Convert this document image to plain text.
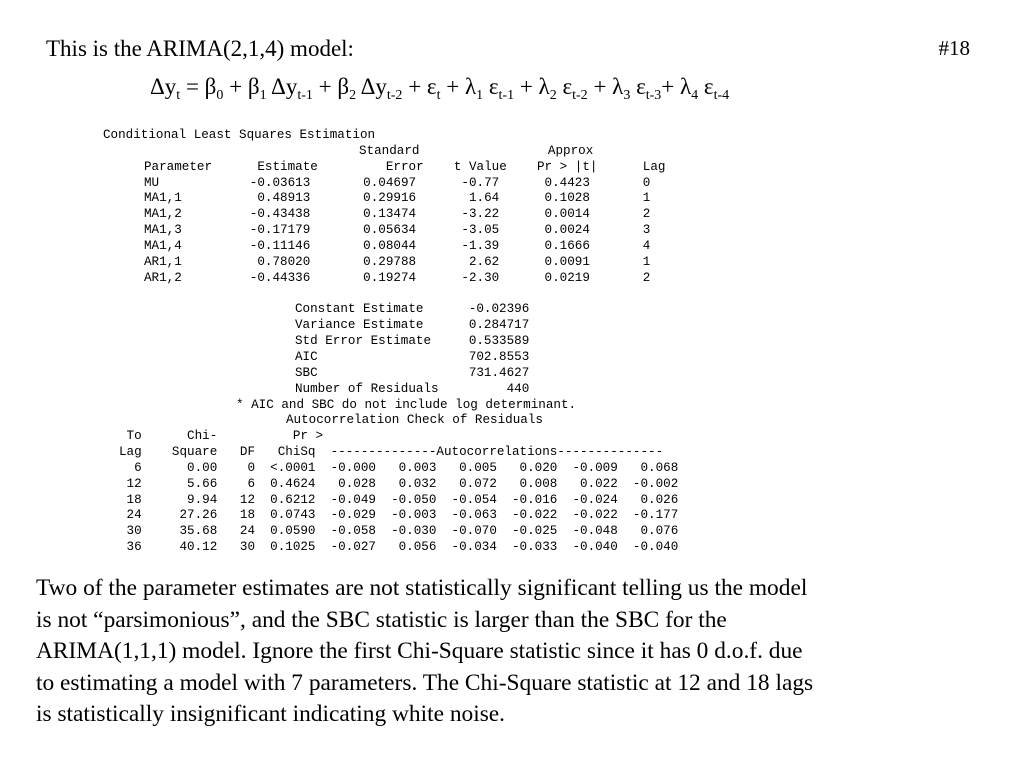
This is the ARIMA(2,1,4) model:	#18
$\Delta y_t = \beta_0 + \beta_1$ $\Delta y_{t-1} + \beta_2$ $\Delta y_{t-2} + \varepsilon_t + \lambda_1$ $\varepsilon_{t-1} + \lambda_2$ $\varepsilon_{t-2} + \lambda_3$ $\varepsilon_{t-3}+ \lambda_4$ $\varepsilon_{t-4}$
Conditional Least Squares Estimation
Standard                 Approx
Parameter      Estimate         Error    t Value    Pr > |t|      Lag
MU            -0.03613       0.04697      -0.77      0.4423       0
MA1,1          0.48913       0.29916       1.64      0.1028       1
MA1,2         -0.43438       0.13474      -3.22      0.0014       2
MA1,3         -0.17179       0.05634      -3.05      0.0024       3
MA1,4         -0.11146       0.08044      -1.39      0.1666       4
AR1,1          0.78020       0.29788       2.62      0.0091       1
AR1,2         -0.44336       0.19274      -2.30      0.0219       2
Constant Estimate      -0.02396
Variance Estimate      0.284717
Std Error Estimate     0.533589
AIC                    702.8553
SBC                    731.4627
Number of Residuals         440
* AIC and SBC do not include log determinant.
Autocorrelation Check of Residuals
To      Chi-          Pr >
Lag    Square   DF   ChiSq  --------------Autocorrelations--------------
6      0.00    0  <.0001  -0.000   0.003   0.005   0.020  -0.009   0.068
12      5.66    6  0.4624   0.028   0.032   0.072   0.008   0.022  -0.002
18      9.94   12  0.6212  -0.049  -0.050  -0.054  -0.016  -0.024   0.026
24     27.26   18  0.0743  -0.029  -0.003  -0.063  -0.022  -0.022  -0.177
30     35.68   24  0.0590  -0.058  -0.030  -0.070  -0.025  -0.048   0.076
36     40.12   30  0.1025  -0.027   0.056  -0.034  -0.033  -0.040  -0.040
Two of the parameter estimates are not statistically significant telling us the model
is not “parsimonious”, and the SBC statistic is larger than the SBC for the
ARIMA(1,1,1) model. Ignore the first Chi-Square statistic since it has 0 d.o.f. due
to estimating a model with 7 parameters. The Chi-Square statistic at 12 and 18 lags
is statistically insignificant indicating white noise.
